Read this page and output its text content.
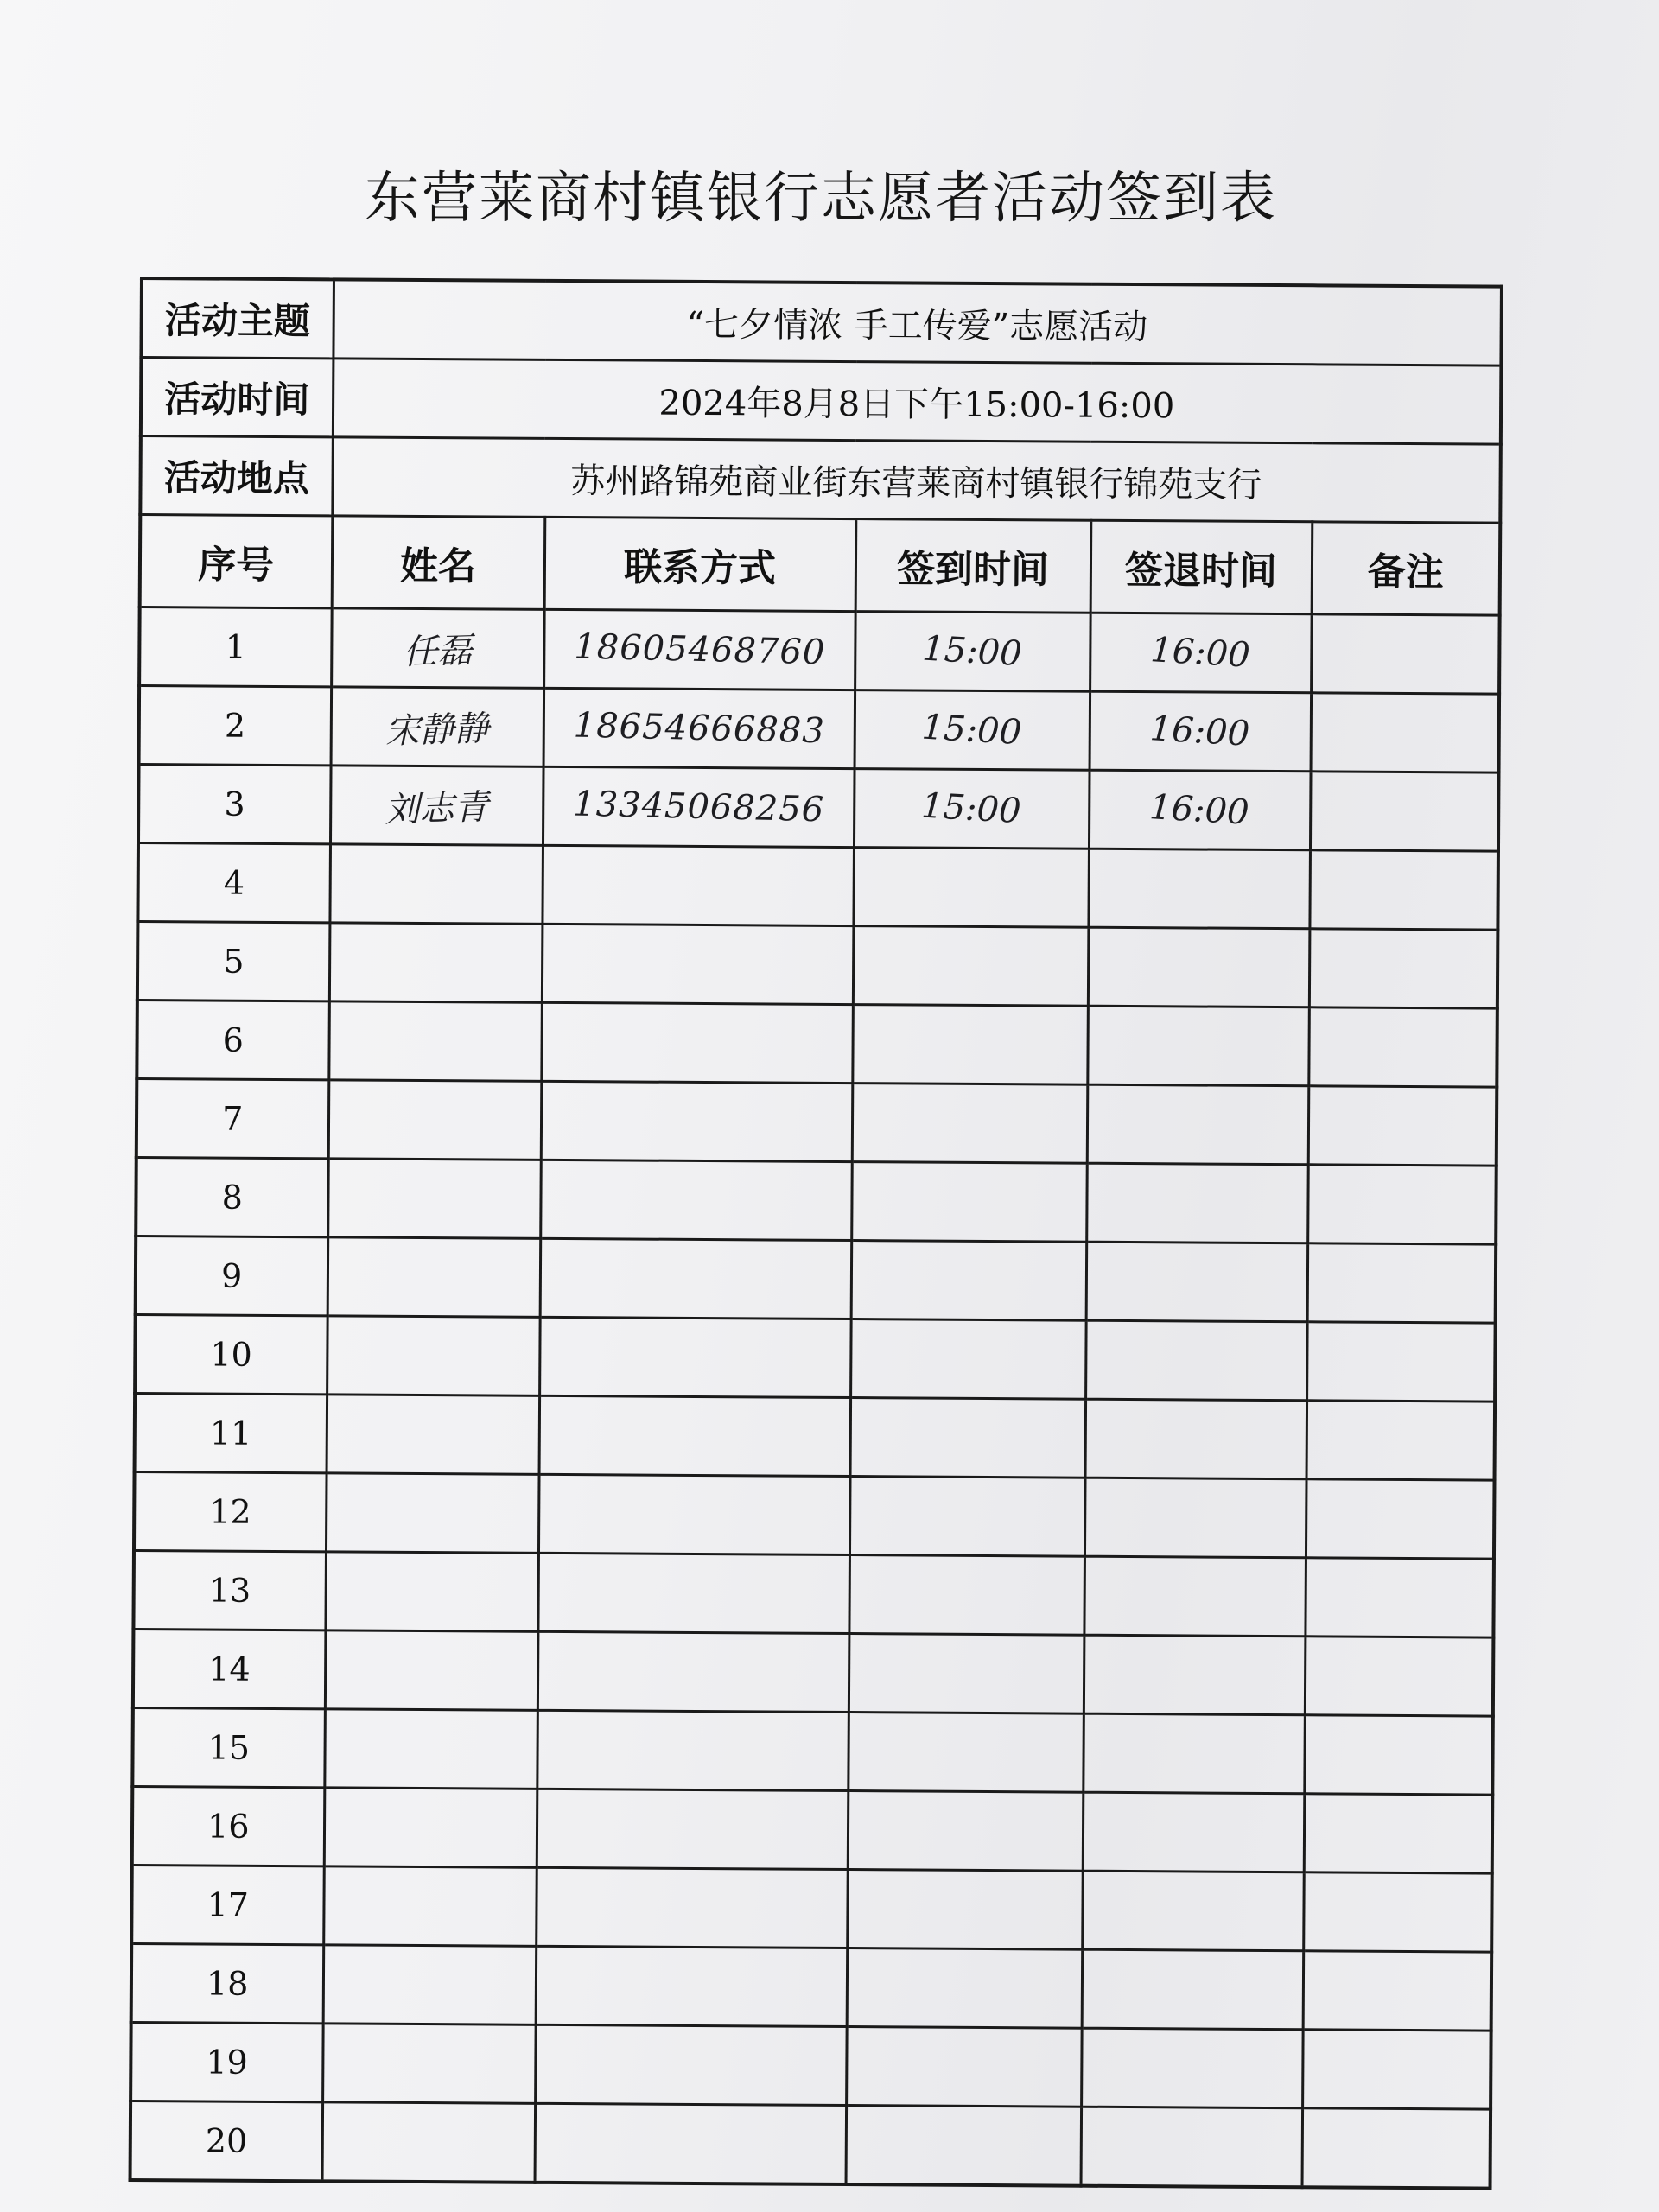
东营莱商村镇银行志愿者活动签到表
活动主题	“七夕情浓 手工传爱”志愿活动				
活动时间	2024年8月8日下午15:00-16:00				
活动地点	苏州路锦苑商业街东营莱商村镇银行锦苑支行				
序号	姓名	联系方式	签到时间	签退时间	备注
1	任磊	18605468760	15:00	16:00	
2	宋静静	18654666883	15:00	16:00	
3	刘志青	13345068256	15:00	16:00	
4					
5					
6					
7					
8					
9					
10					
11					
12					
13					
14					
15					
16					
17					
18					
19					
20					
